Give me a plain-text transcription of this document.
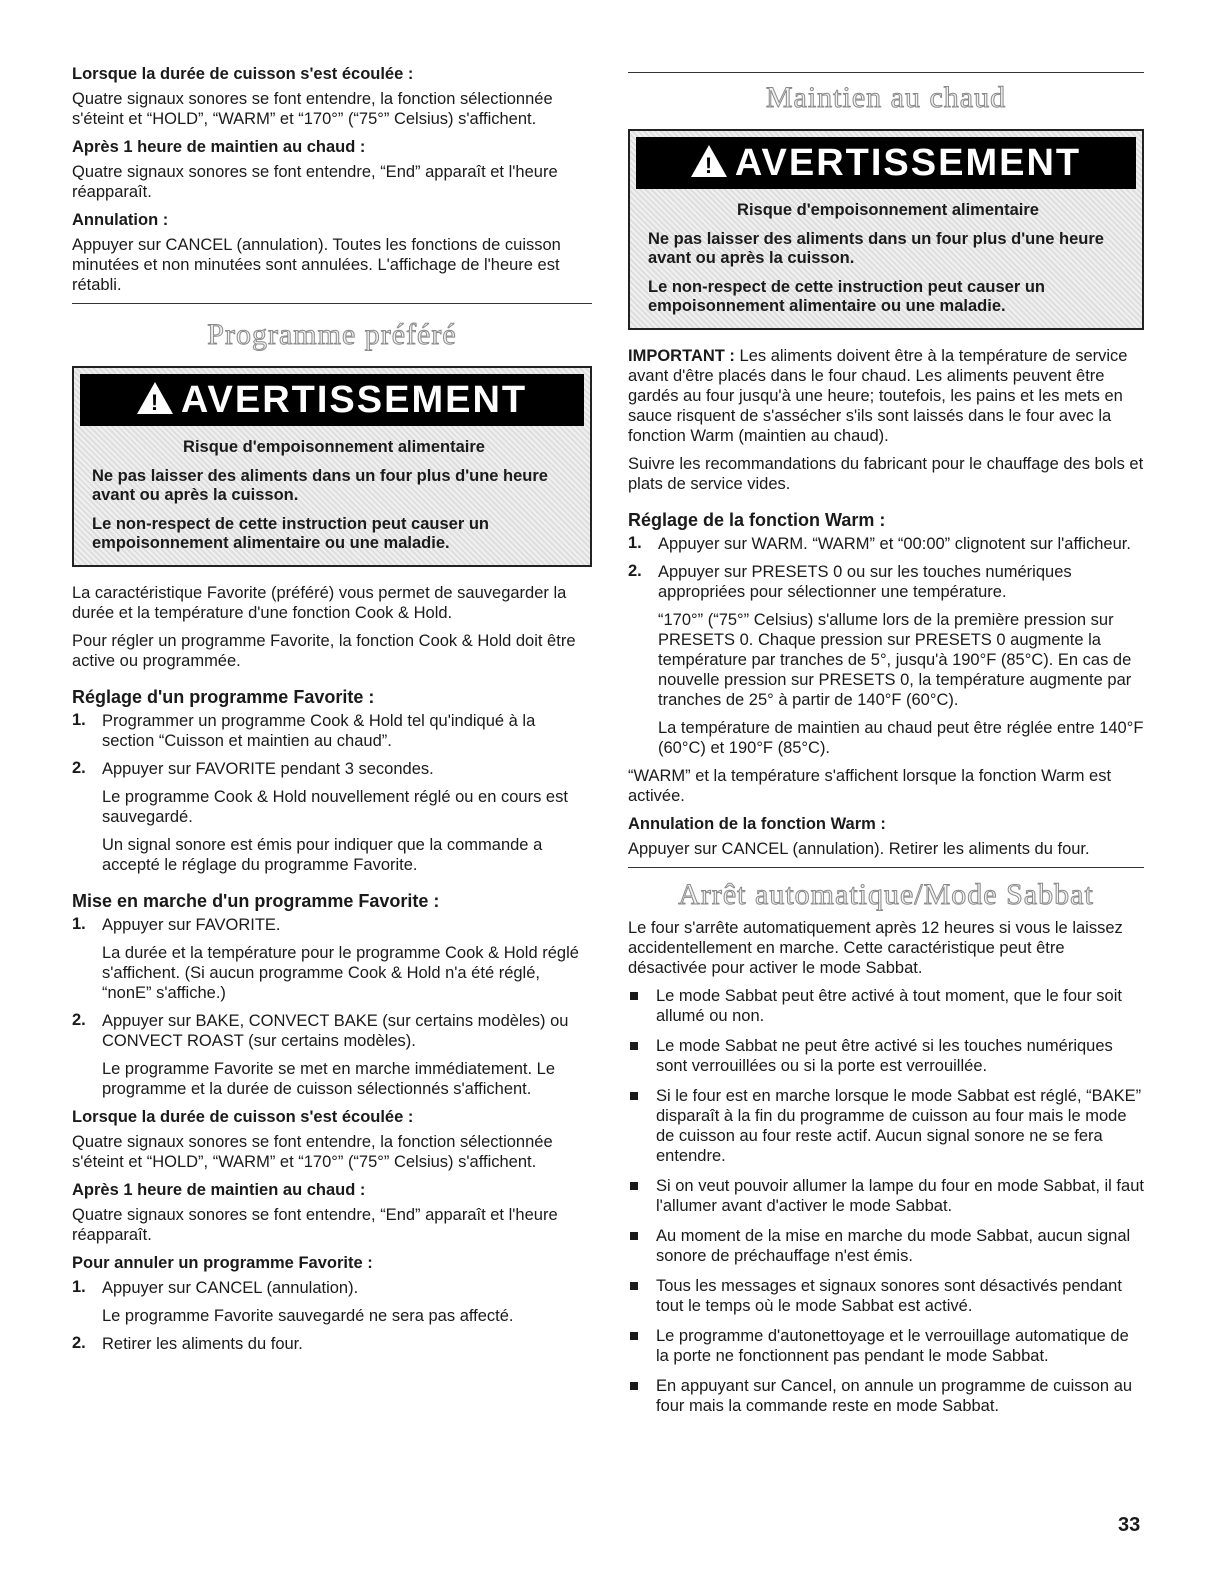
Lorsque la durée de cuisson s'est écoulée :

Quatre signaux sonores se font entendre, la fonction sélectionnée s'éteint et “HOLD”, “WARM” et “170°” (“75°” Celsius) s'affichent.

Après 1 heure de maintien au chaud :

Quatre signaux sonores se font entendre, “End” apparaît et l'heure réapparaît.

Annulation :

Appuyer sur CANCEL (annulation). Toutes les fonctions de cuisson minutées et non minutées sont annulées. L'affichage de l'heure est rétabli.

Programme préféré
! AVERTISSEMENT
Risque d'empoisonnement alimentaire
Ne pas laisser des aliments dans un four plus d'une heure avant ou après la cuisson.
Le non-respect de cette instruction peut causer un empoisonnement alimentaire ou une maladie.

La caractéristique Favorite (préféré) vous permet de sauvegarder la durée et la température d'une fonction Cook & Hold.

Pour régler un programme Favorite, la fonction Cook & Hold doit être active ou programmée.

Réglage d'un programme Favorite :

1. Programmer un programme Cook & Hold tel qu'indiqué à la section “Cuisson et maintien au chaud”.

2. Appuyer sur FAVORITE pendant 3 secondes.

Le programme Cook & Hold nouvellement réglé ou en cours est sauvegardé.

Un signal sonore est émis pour indiquer que la commande a accepté le réglage du programme Favorite.

Mise en marche d'un programme Favorite :

1. Appuyer sur FAVORITE.

La durée et la température pour le programme Cook & Hold réglé s'affichent. (Si aucun programme Cook & Hold n'a été réglé, “nonE” s'affiche.)

2. Appuyer sur BAKE, CONVECT BAKE (sur certains modèles) ou CONVECT ROAST (sur certains modèles).

Le programme Favorite se met en marche immédiatement. Le programme et la durée de cuisson sélectionnés s'affichent.

Lorsque la durée de cuisson s'est écoulée :

Quatre signaux sonores se font entendre, la fonction sélectionnée s'éteint et “HOLD”, “WARM” et “170°” (“75°” Celsius) s'affichent.

Après 1 heure de maintien au chaud :

Quatre signaux sonores se font entendre, “End” apparaît et l'heure réapparaît.

Pour annuler un programme Favorite :

1. Appuyer sur CANCEL (annulation).

Le programme Favorite sauvegardé ne sera pas affecté.

2. Retirer les aliments du four.

Maintien au chaud
! AVERTISSEMENT
Risque d'empoisonnement alimentaire
Ne pas laisser des aliments dans un four plus d'une heure avant ou après la cuisson.
Le non-respect de cette instruction peut causer un empoisonnement alimentaire ou une maladie.

IMPORTANT : Les aliments doivent être à la température de service avant d'être placés dans le four chaud. Les aliments peuvent être gardés au four jusqu'à une heure; toutefois, les pains et les mets en sauce risquent de s'assécher s'ils sont laissés dans le four avec la fonction Warm (maintien au chaud).

Suivre les recommandations du fabricant pour le chauffage des bols et plats de service vides.

Réglage de la fonction Warm :

1. Appuyer sur WARM. “WARM” et “00:00” clignotent sur l'afficheur.

2. Appuyer sur PRESETS 0 ou sur les touches numériques appropriées pour sélectionner une température.

“170°” (“75°” Celsius) s'allume lors de la première pression sur PRESETS 0. Chaque pression sur PRESETS 0 augmente la température par tranches de 5°, jusqu'à 190°F (85°C). En cas de nouvelle pression sur PRESETS 0, la température augmente par tranches de 25° à partir de 140°F (60°C).

La température de maintien au chaud peut être réglée entre 140°F (60°C) et 190°F (85°C).

“WARM” et la température s'affichent lorsque la fonction Warm est activée.

Annulation de la fonction Warm :

Appuyer sur CANCEL (annulation). Retirer les aliments du four.

Arrêt automatique/Mode Sabbat

Le four s'arrête automatiquement après 12 heures si vous le laissez accidentellement en marche. Cette caractéristique peut être désactivée pour activer le mode Sabbat.

Le mode Sabbat peut être activé à tout moment, que le four soit allumé ou non.

Le mode Sabbat ne peut être activé si les touches numériques sont verrouillées ou si la porte est verrouillée.

Si le four est en marche lorsque le mode Sabbat est réglé, “BAKE” disparaît à la fin du programme de cuisson au four mais le mode de cuisson au four reste actif. Aucun signal sonore ne se fera entendre.

Si on veut pouvoir allumer la lampe du four en mode Sabbat, il faut l'allumer avant d'activer le mode Sabbat.

Au moment de la mise en marche du mode Sabbat, aucun signal sonore de préchauffage n'est émis.

Tous les messages et signaux sonores sont désactivés pendant tout le temps où le mode Sabbat est activé.

Le programme d'autonettoyage et le verrouillage automatique de la porte ne fonctionnent pas pendant le mode Sabbat.

En appuyant sur Cancel, on annule un programme de cuisson au four mais la commande reste en mode Sabbat.

33
